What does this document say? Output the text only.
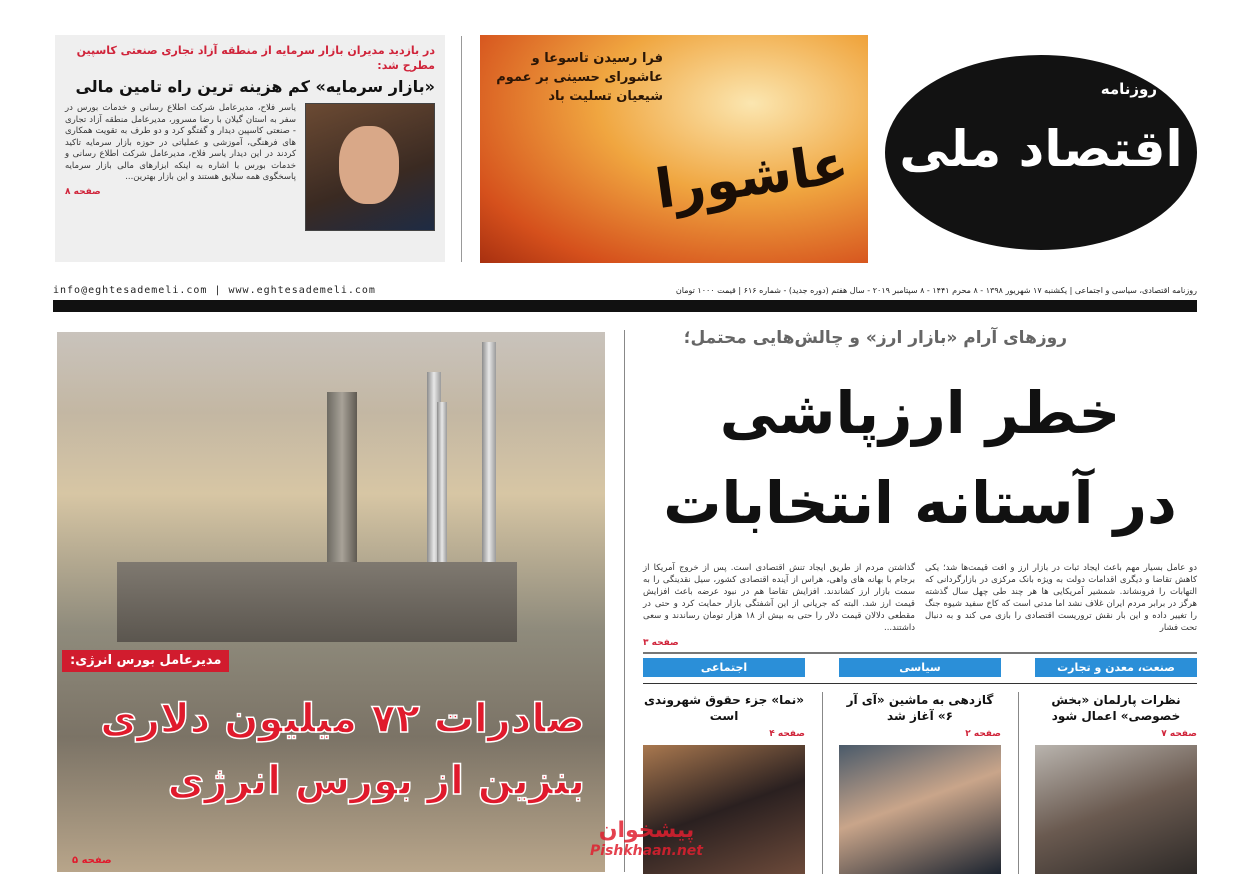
در بازدید مدیران بازار سرمایه از منطقه آزاد تجاری صنعتی کاسپین مطرح شد:
«بازار سرمایه» کم هزینه ترین راه تامین مالی
یاسر فلاح، مدیرعامل شرکت اطلاع رسانی و خدمات بورس در سفر به استان گیلان با رضا مسرور، مدیرعامل منطقه آزاد تجاری - صنعتی کاسپین دیدار و گفتگو کرد و دو طرف به تقویت همکاری های فرهنگی، آموزشی و عملیاتی در حوزه بازار سرمایه تاکید کردند در این دیدار یاسر فلاح، مدیرعامل شرکت اطلاع رسانی و خدمات بورس با اشاره به اینکه ابزارهای مالی بازار سرمایه پاسخگوی همه سلایق هستند و این بازار بهترین...
صفحه ۸
فرا رسیدن تاسوعا و عاشورای حسینی بر عموم شیعیان تسلیت باد
عاشورا
روزنامه
اقتصاد ملی
info@eghtesademeli.com | www.eghtesademeli.com	روزنامه اقتصادی، سیاسی و اجتماعی | یکشنبه ۱۷ شهریور ۱۳۹۸ - ۸ محرم ۱۴۴۱ - ۸ سپتامبر ۲۰۱۹ - سال هفتم (دوره جدید) - شماره ۶۱۶ | قیمت ۱۰۰۰ تومان
مدیرعامل بورس انرژی:
صادرات ۷۲ میلیون دلاری
بنزین از بورس انرژی
صفحه ۵
روزهای آرام «بازار ارز» و چالش‌هایی محتمل؛
خطر ارزپاشی
در آستانه انتخابات
دو عامل بسیار مهم باعث ایجاد ثبات در بازار ارز و افت قیمت‌ها شد؛ یکی کاهش تقاضا و دیگری اقدامات دولت به ویژه بانک مرکزی در بازارگردانی که التهابات را فرونشاند. شمشیر آمریکایی ها هر چند طی چهل سال گذشته هرگز در برابر مردم ایران غلاف نشد اما مدتی است که کاخ سفید شیوه جنگ را تغییر داده و این بار نقش تروریست اقتصادی را بازی می کند و به دنبال تحت فشار
گذاشتن مردم از طریق ایجاد تنش اقتصادی است. پس از خروج آمریکا از برجام با بهانه های واهی، هراس از آینده اقتصادی کشور، سیل نقدینگی را به سمت بازار ارز کشاندند. افزایش تقاضا هم در نبود عرضه باعث افزایش قیمت ارز شد. البته که جریانی از این آشفتگی بازار حمایت کرد و حتی در مقطعی دلالان قیمت دلار را حتی به بیش از ۱۸ هزار تومان رساندند و سعی داشتند...
صفحه ۳
صنعت، معدن و تجارت
سیاسی
اجتماعی
نظرات پارلمان «بخش خصوصی» اعمال شود
صفحه ۷
گازدهی به ماشین «آی آر ۶» آغاز شد
صفحه ۲
«نما» جزء حقوق شهروندی است
صفحه ۴
پیشخوان
Pishkhaan.net
